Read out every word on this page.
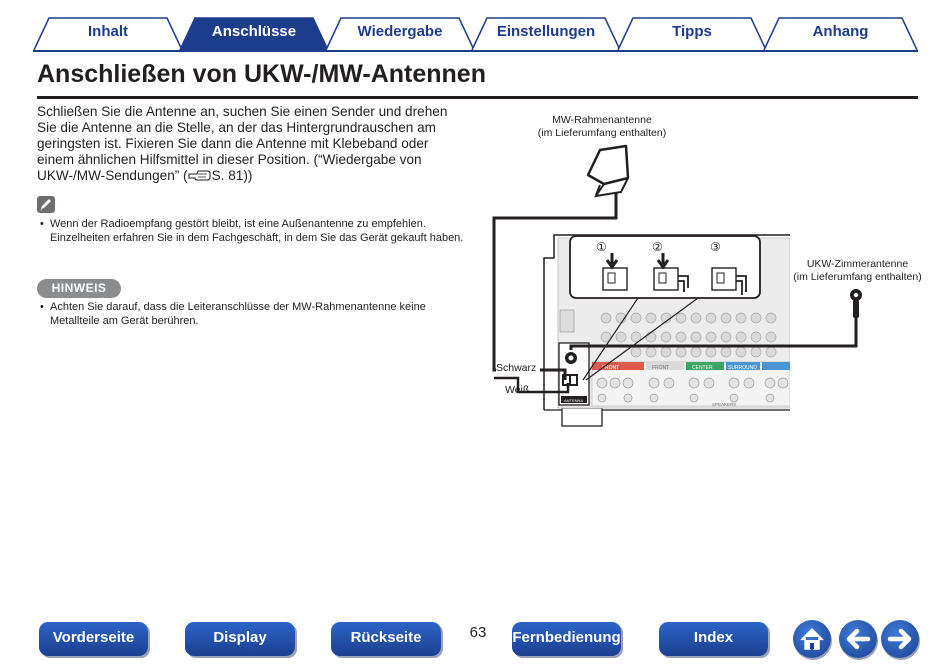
Inhalt	Anschlüsse	Wiedergabe	Einstellungen	Tipps	Anhang
Anschließen von UKW-/MW-Antennen

Schließen Sie die Antenne an, suchen Sie einen Sender und drehen Sie die Antenne an die Stelle, an der das Hintergrundrauschen am geringsten ist. Fixieren Sie dann die Antenne mit Klebeband oder einem ähnlichen Hilfsmittel in dieser Position. (“Wiedergabe von UKW-/MW-Sendungen” ( S. 81))

• Wenn der Radioempfang gestört bleibt, ist eine Außenantenne zu empfehlen. Einzelheiten erfahren Sie in dem Fachgeschäft, in dem Sie das Gerät gekauft haben.
HINWEIS
• Achten Sie darauf, dass die Leiteranschlüsse der MW-Rahmenantenne keine Metallteile am Gerät berühren.
MW-Rahmenantenne
(im Lieferumfang enthalten)
UKW-Zimmerantenne
(im Lieferumfang enthalten)
FRONT	FRONT	CENTER	SURROUND
SPEAKERS
ANTENNA
①	②	③
Schwarz
Weiß
Vorderseite	Display	Rückseite	63	Fernbedienung	Index
